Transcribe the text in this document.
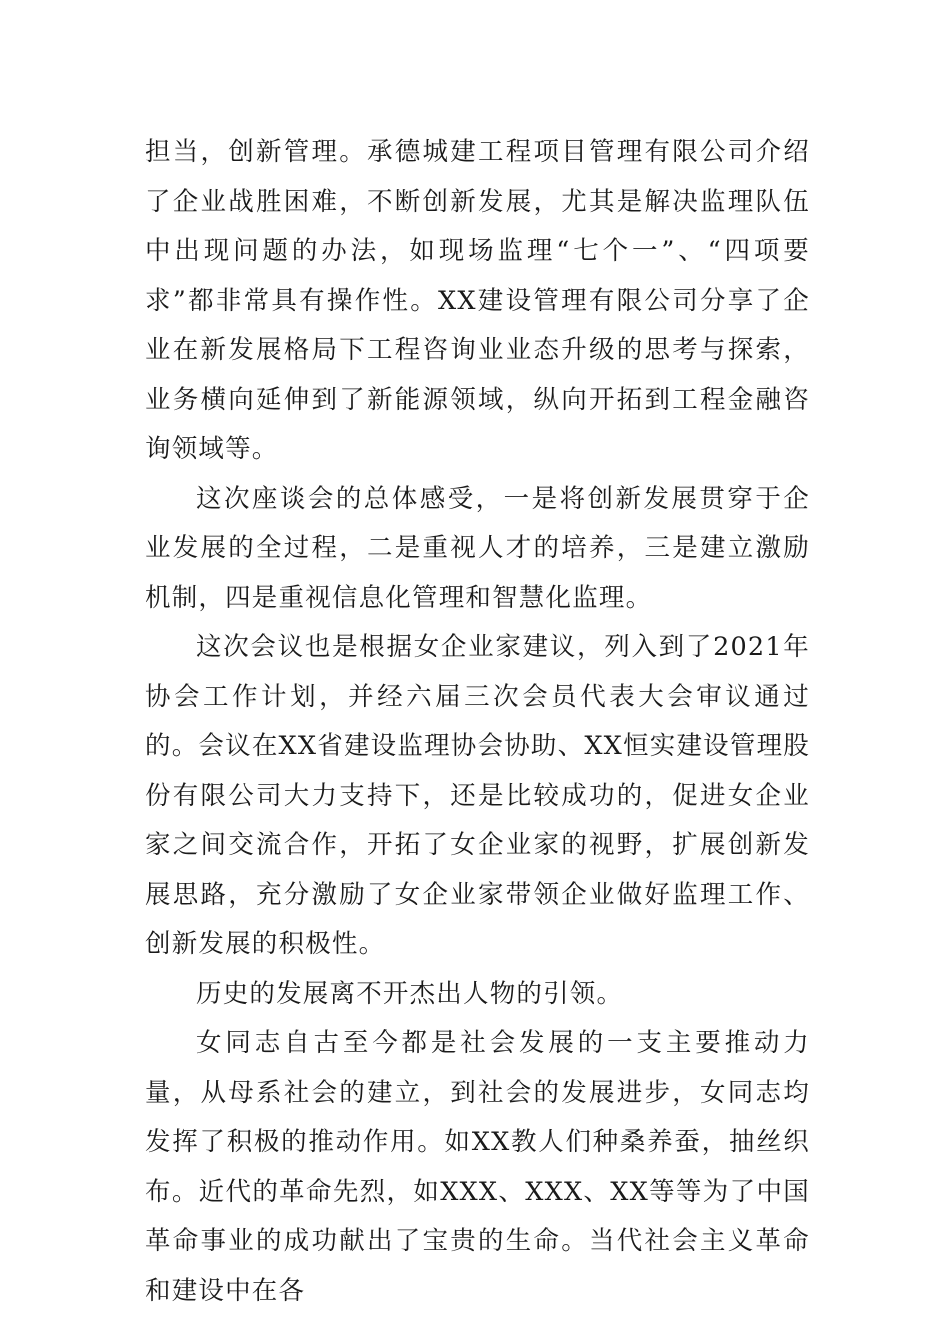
担当，创新管理。承德城建工程项目管理有限公司介绍了企业战胜困难，不断创新发展，尤其是解决监理队伍中出现问题的办法，如现场监理“七个一”、“四项要求”都非常具有操作性。XX建设管理有限公司分享了企业在新发展格局下工程咨询业业态升级的思考与探索，业务横向延伸到了新能源领域，纵向开拓到工程金融咨询领域等。

这次座谈会的总体感受，一是将创新发展贯穿于企业发展的全过程，二是重视人才的培养，三是建立激励机制，四是重视信息化管理和智慧化监理。

这次会议也是根据女企业家建议，列入到了2021年协会工作计划，并经六届三次会员代表大会审议通过的。会议在XX省建设监理协会协助、XX恒实建设管理股份有限公司大力支持下，还是比较成功的，促进女企业家之间交流合作，开拓了女企业家的视野，扩展创新发展思路，充分激励了女企业家带领企业做好监理工作、创新发展的积极性。

历史的发展离不开杰出人物的引领。

女同志自古至今都是社会发展的一支主要推动力量，从母系社会的建立，到社会的发展进步，女同志均发挥了积极的推动作用。如XX教人们种桑养蚕，抽丝织布。近代的革命先烈，如XXX、XXX、XX等等为了中国革命事业的成功献出了宝贵的生命。当代社会主义革命和建设中在各
